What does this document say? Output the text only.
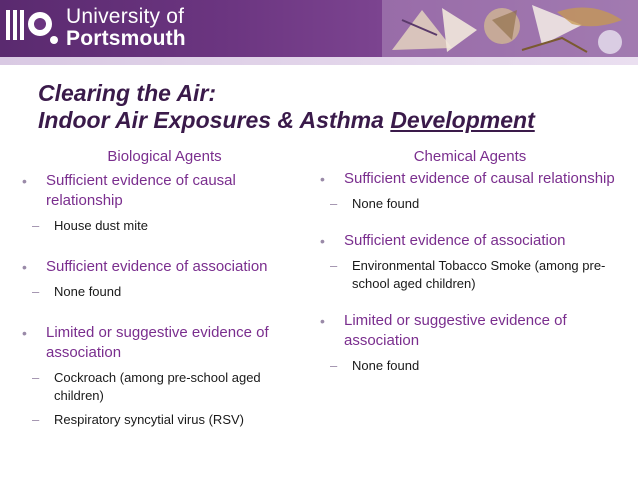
University of
Portsmouth
Clearing the Air:
Indoor Air Exposures & Asthma Development
Biological Agents
• Sufficient evidence of causal relationship
– House dust mite
• Sufficient evidence of association
– None found
• Limited or suggestive evidence of association
– Cockroach (among pre-school aged children)
– Respiratory syncytial virus (RSV)
Chemical Agents
• Sufficient evidence of causal relationship
– None found
• Sufficient evidence of association
– Environmental Tobacco Smoke (among pre-school aged children)
• Limited or suggestive evidence of association
– None found
